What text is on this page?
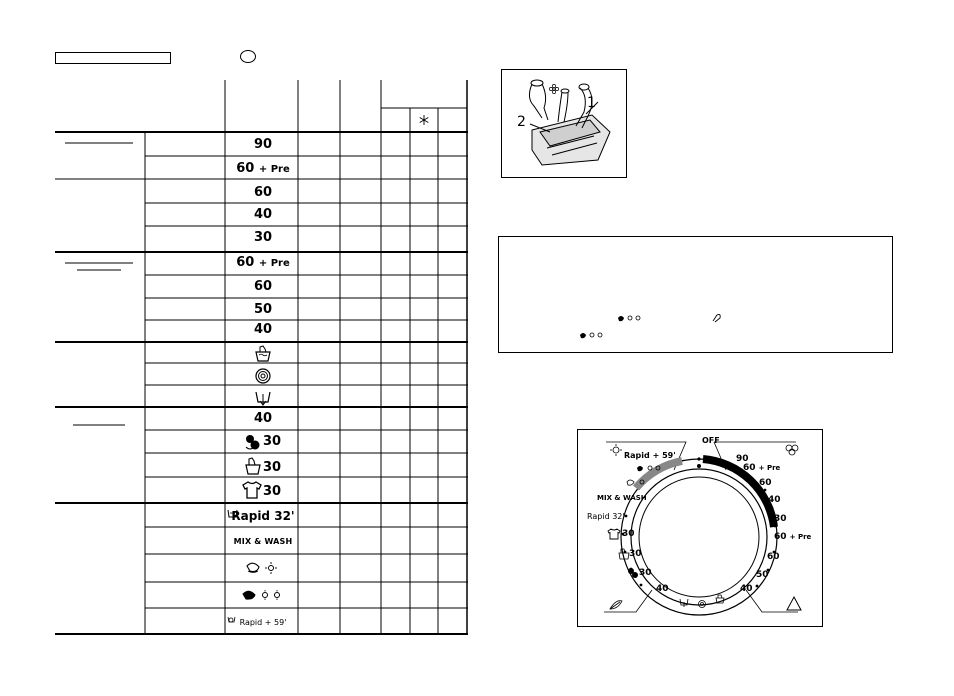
90
60 + Pre
60
40
30
60 + Pre
60
50
40
40
30
30
30
Rapid 32'
MIX & WASH
Rapid + 59'
1
2
OFF
90
60 + Pre
60
40
30
60 + Pre
60
50
40
Rapid + 59'
MIX & WASH
Rapid 32'
30
30
30
40
